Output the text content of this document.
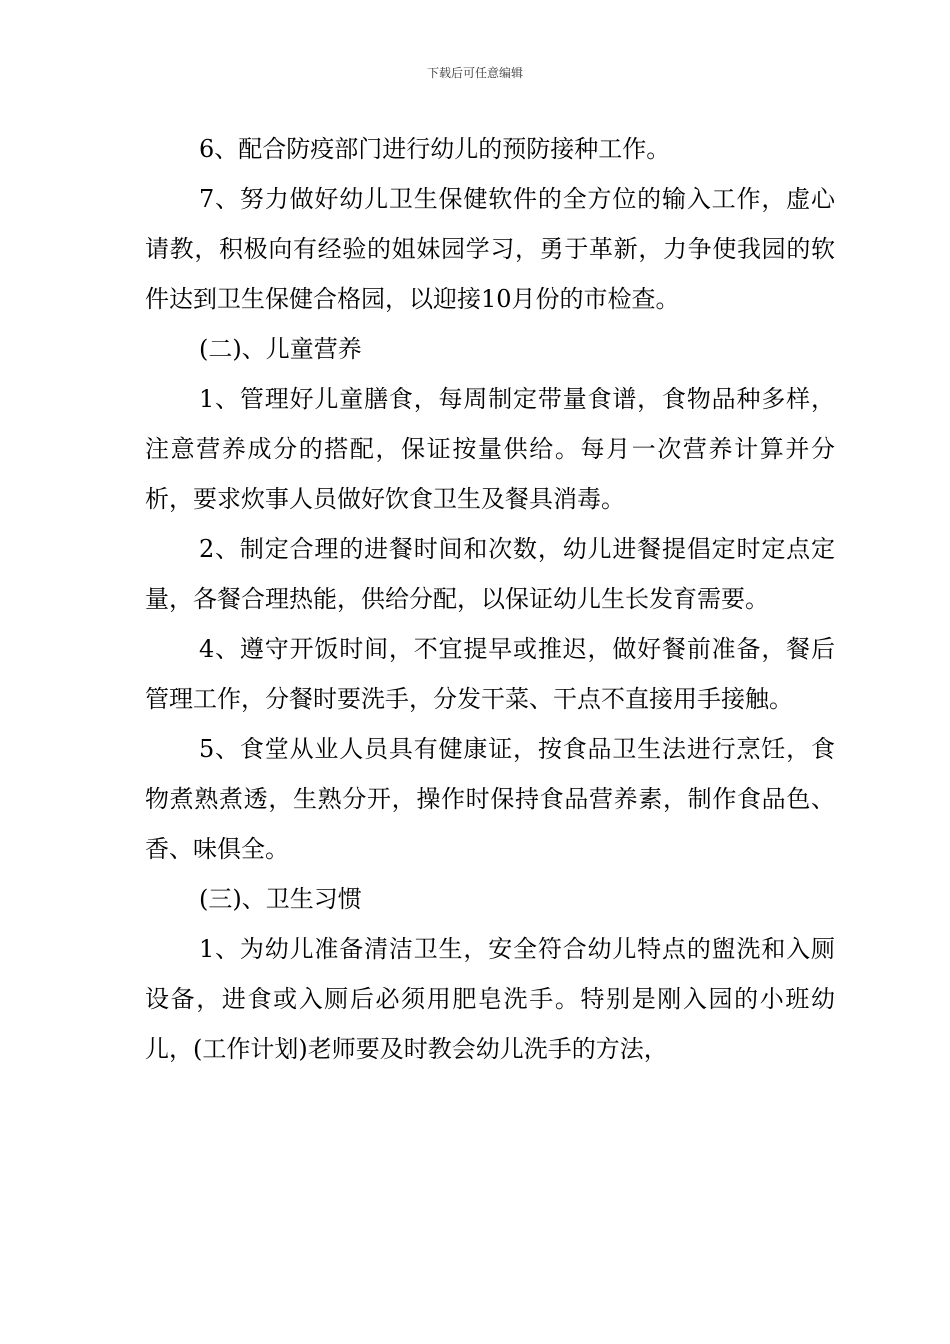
下载后可任意编辑

6、配合防疫部门进行幼儿的预防接种工作。

7、努力做好幼儿卫生保健软件的全方位的输入工作，虚心请教，积极向有经验的姐妹园学习，勇于革新，力争使我园的软件达到卫生保健合格园，以迎接10月份的市检查。

(二)、儿童营养

1、管理好儿童膳食，每周制定带量食谱，食物品种多样，注意营养成分的搭配，保证按量供给。每月一次营养计算并分析，要求炊事人员做好饮食卫生及餐具消毒。

2、制定合理的进餐时间和次数，幼儿进餐提倡定时定点定量，各餐合理热能，供给分配，以保证幼儿生长发育需要。

4、遵守开饭时间，不宜提早或推迟，做好餐前准备，餐后管理工作，分餐时要洗手，分发干菜、干点不直接用手接触。

5、食堂从业人员具有健康证，按食品卫生法进行烹饪，食物煮熟煮透，生熟分开，操作时保持食品营养素，制作食品色、香、味俱全。

(三)、卫生习惯

1、为幼儿准备清洁卫生，安全符合幼儿特点的盥洗和入厕设备，进食或入厕后必须用肥皂洗手。特别是刚入园的小班幼儿，(工作计划)老师要及时教会幼儿洗手的方法，
